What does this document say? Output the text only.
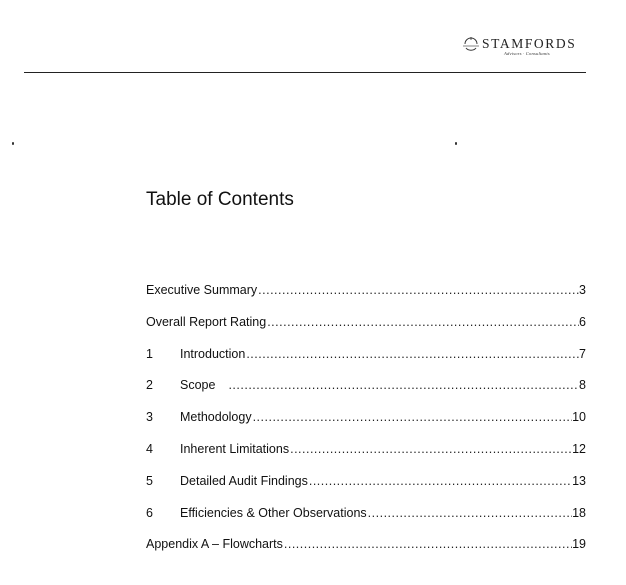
STAMFORDS
Advisors · Consultants
Table of Contents
Executive Summary .....	3
Overall Report Rating .....	6
1	Introduction .....	7
2	Scope .....	8
3	Methodology .....	10
4	Inherent Limitations .....	12
5	Detailed Audit Findings .....	13
6	Efficiencies & Other Observations .....	18
Appendix A – Flowcharts .....	19
